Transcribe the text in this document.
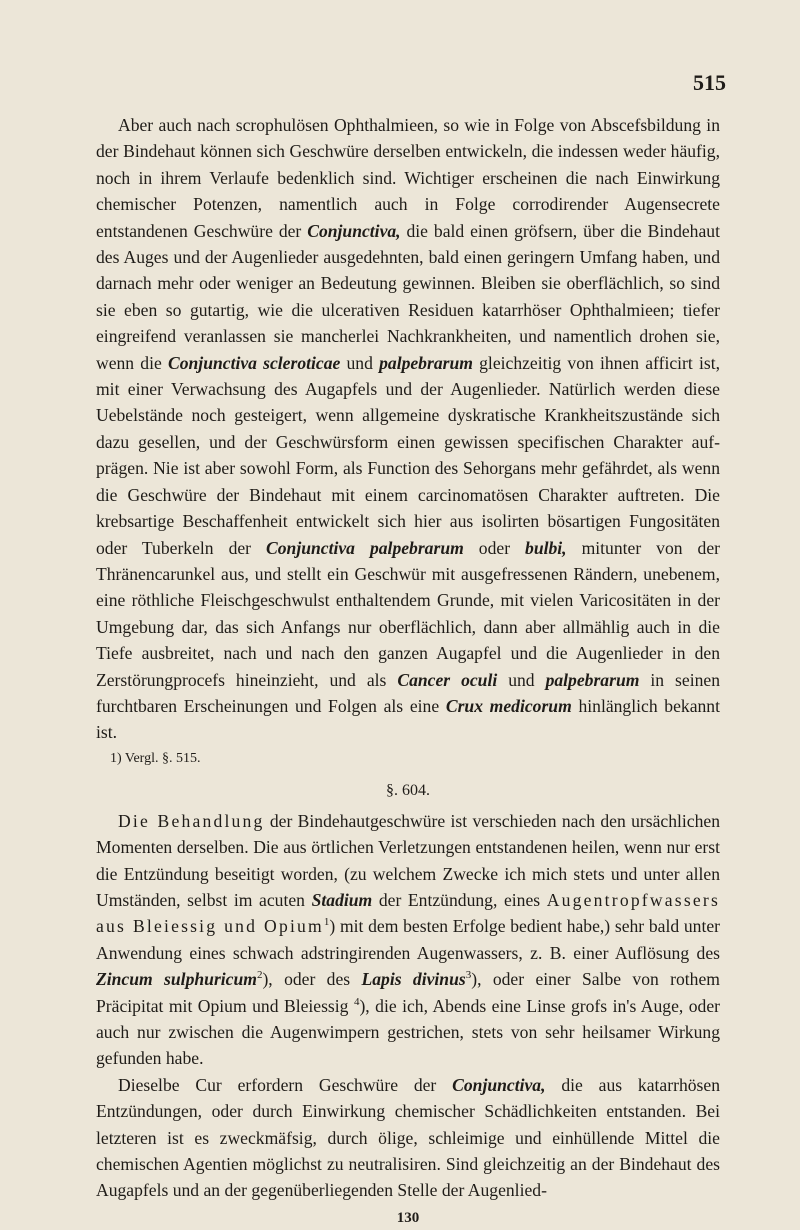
515

Aber auch nach scrophulösen Ophthalmieen, so wie in Folge von Abscefsbildung in der Bindehaut können sich Geschwüre derselben entwickeln, die indessen weder häufig, noch in ihrem Verlaufe bedenklich sind. Wichtiger erscheinen die nach Einwirkung chemischer Potenzen, namentlich auch in Folge corrodirender Augensecrete entstandenen Geschwüre der Conjunctiva, die bald einen gröfsern, über die Bindehaut des Auges und der Augenlieder ausgedehnten, bald einen geringern Umfang haben, und darnach mehr oder weniger an Bedeutung gewinnen. Bleiben sie oberflächlich, so sind sie eben so gutartig, wie die ulcerativen Residuen katarrhöser Ophthalmieen; tiefer eingreifend veranlassen sie mancherlei Nachkrankheiten, und namentlich drohen sie, wenn die Conjunctiva scleroticae und palpebrarum gleichzeitig von ihnen afficirt ist, mit einer Verwachsung des Augapfels und der Augenlieder. Natürlich werden diese Uebelstände noch gesteigert, wenn allgemeine dyskratische Krankheitszustände sich dazu gesellen, und der Geschwürsform einen gewissen specifischen Charakter aufprägen. Nie ist aber sowohl Form, als Function des Sehorgans mehr gefährdet, als wenn die Geschwüre der Bindehaut mit einem carcinomatösen Charakter auftreten. Die krebsartige Beschaffenheit entwickelt sich hier aus isolirten bösartigen Fungositäten oder Tuberkeln der Conjunctiva palpebrarum oder bulbi, mitunter von der Thränencarunkel aus, und stellt ein Geschwür mit ausgefressenen Rändern, unebenem, eine röthliche Fleischgeschwulst enthaltendem Grunde, mit vielen Varicositäten in der Umgebung dar, das sich Anfangs nur oberflächlich, dann aber allmählig auch in die Tiefe ausbreitet, nach und nach den ganzen Augapfel und die Augenlieder in den Zerstörungprocefs hineinzieht, und als Cancer oculi und palpebrarum in seinen furchtbaren Erscheinungen und Folgen als eine Crux medicorum hinlänglich bekannt ist.

1) Vergl. §. 515.

§. 604.

Die Behandlung der Bindehautgeschwüre ist verschieden nach den ursächlichen Momenten derselben. Die aus örtlichen Verletzungen entstandenen heilen, wenn nur erst die Entzündung beseitigt worden, (zu welchem Zwecke ich mich stets und unter allen Umständen, selbst im acuten Stadium der Entzündung, eines Augentropfwassers aus Bleiessig und Opium$^1$) mit dem besten Erfolge bedient habe,) sehr bald unter Anwendung eines schwach adstringirenden Augenwassers, z. B. einer Auflösung des Zincum sulphuricum$^2$), oder des Lapis divinus$^3$), oder einer Salbe von rothem Präcipitat mit Opium und Bleiessig $^4$), die ich, Abends eine Linse grofs in's Auge, oder auch nur zwischen die Augenwimpern gestrichen, stets von sehr heilsamer Wirkung gefunden habe.

Dieselbe Cur erfordern Geschwüre der Conjunctiva, die aus katarrhösen Entzündungen, oder durch Einwirkung chemischer Schädlichkeiten entstanden. Bei letzteren ist es zweckmäfsig, durch ölige, schleimige und einhüllende Mittel die chemischen Agentien möglichst zu neutralisiren. Sind gleichzeitig an der Bindehaut des Augapfels und an der gegenüberliegenden Stelle der Augenlied-

130
